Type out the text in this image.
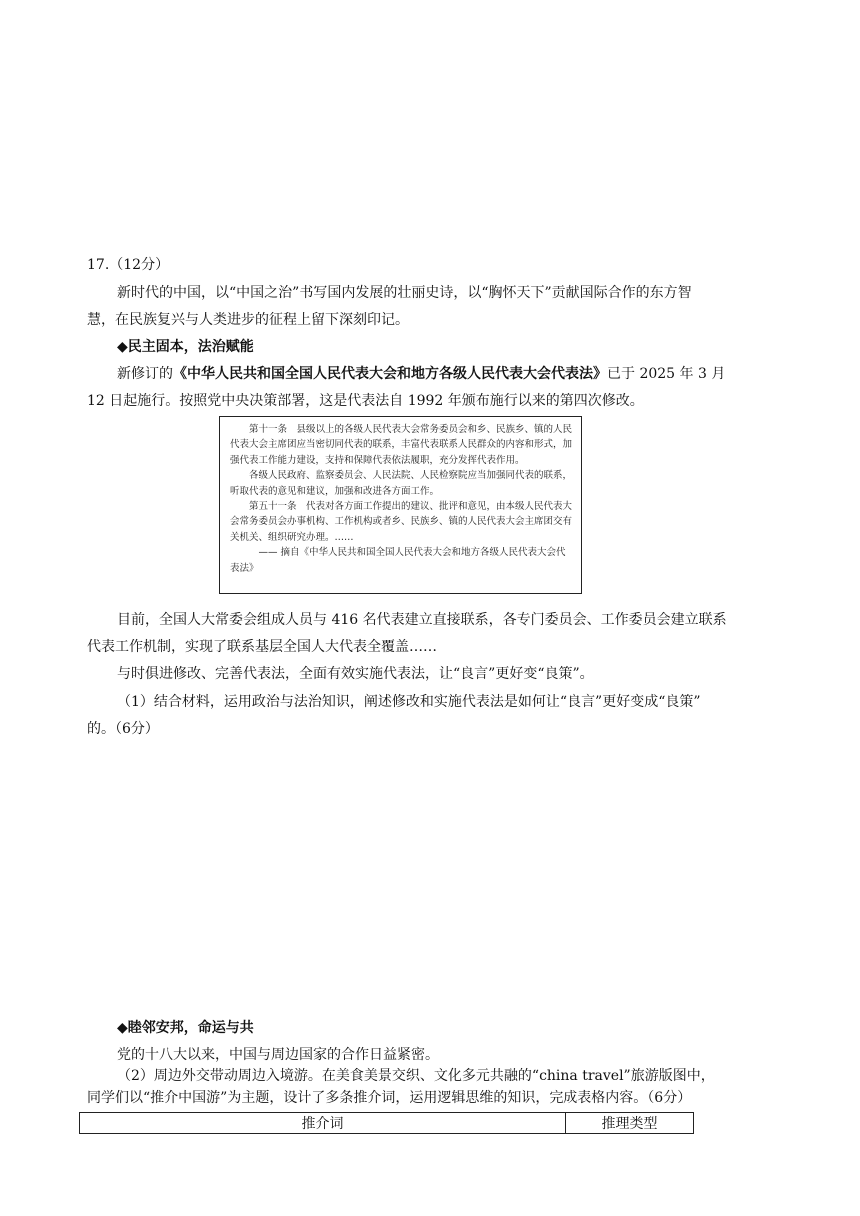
17.（12分）
新时代的中国，以“中国之治”书写国内发展的壮丽史诗，以“胸怀天下”贡献国际合作的东方智
慧，在民族复兴与人类进步的征程上留下深刻印记。
◆民主固本，法治赋能
新修订的《中华人民共和国全国人民代表大会和地方各级人民代表大会代表法》已于 2025 年 3 月
12 日起施行。按照党中央决策部署，这是代表法自 1992 年颁布施行以来的第四次修改。

第十一条　县级以上的各级人民代表大会常务委员会和乡、民族乡、镇的人民代表大会主席团应当密切同代表的联系，丰富代表联系人民群众的内容和形式，加强代表工作能力建设，支持和保障代表依法履职，充分发挥代表作用。

各级人民政府、监察委员会、人民法院、人民检察院应当加强同代表的联系，听取代表的意见和建议，加强和改进各方面工作。

第五十一条　代表对各方面工作提出的建议、批评和意见，由本级人民代表大会常务委员会办事机构、工作机构或者乡、民族乡、镇的人民代表大会主席团交有关机关、组织研究办理。……

—— 摘自《中华人民共和国全国人民代表大会和地方各级人民代表大会代表法》

目前，全国人大常委会组成人员与 416 名代表建立直接联系，各专门委员会、工作委员会建立联系
代表工作机制，实现了联系基层全国人大代表全覆盖……
与时俱进修改、完善代表法，全面有效实施代表法，让“良言”更好变“良策”。
（1）结合材料，运用政治与法治知识，阐述修改和实施代表法是如何让“良言”更好变成“良策”
的。（6分）
◆睦邻安邦，命运与共
党的十八大以来，中国与周边国家的合作日益紧密。
（2）周边外交带动周边入境游。在美食美景交织、文化多元共融的“china travel”旅游版图中，
同学们以“推介中国游”为主题，设计了多条推介词，运用逻辑思维的知识，完成表格内容。（6分）
推介词	推理类型
